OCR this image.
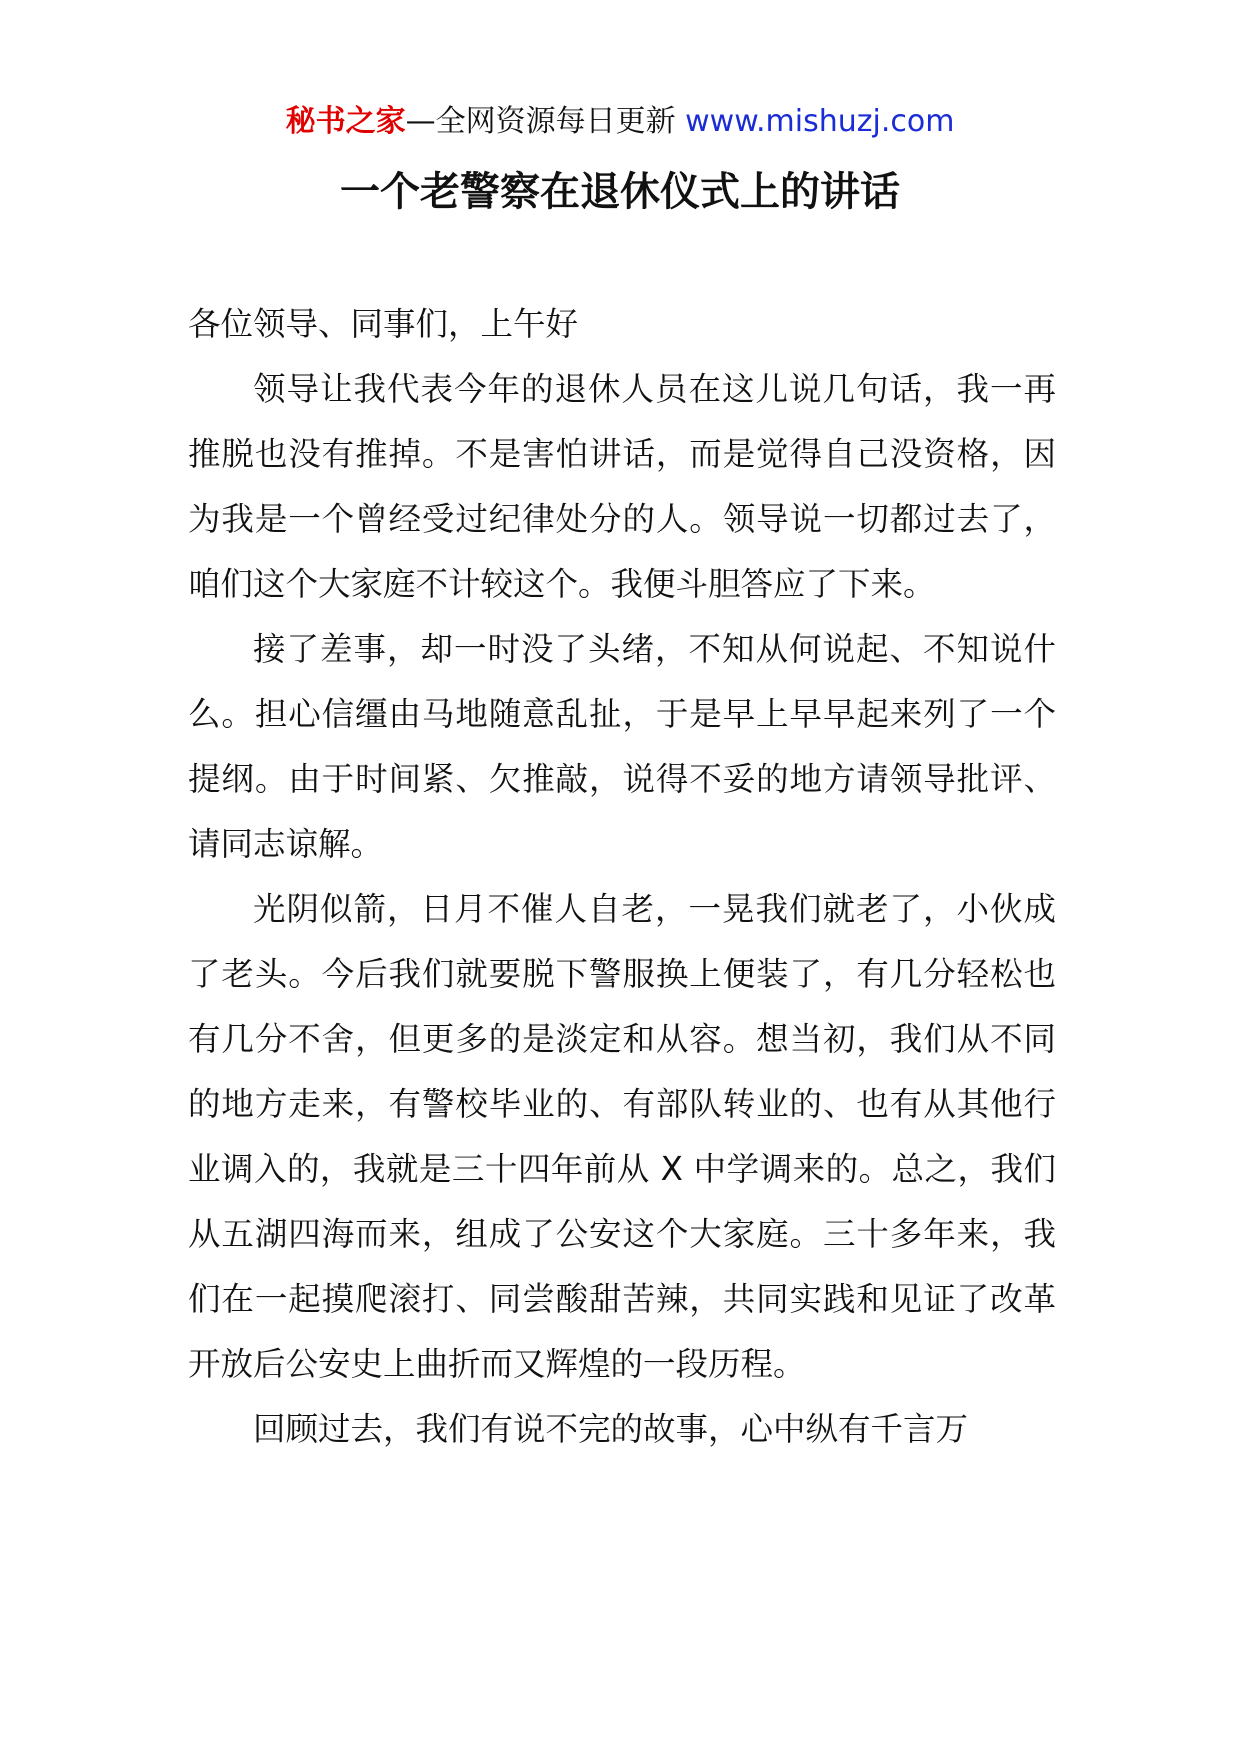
秘书之家—全网资源每日更新 www.mishuzj.com
一个老警察在退休仪式上的讲话

各位领导、同事们，上午好

领导让我代表今年的退休人员在这儿说几句话，我一再推脱也没有推掉。不是害怕讲话，而是觉得自己没资格，因为我是一个曾经受过纪律处分的人。领导说一切都过去了，咱们这个大家庭不计较这个。我便斗胆答应了下来。

接了差事，却一时没了头绪，不知从何说起、不知说什么。担心信缰由马地随意乱扯，于是早上早早起来列了一个提纲。由于时间紧、欠推敲，说得不妥的地方请领导批评、请同志谅解。

光阴似箭，日月不催人自老，一晃我们就老了，小伙成了老头。今后我们就要脱下警服换上便装了，有几分轻松也有几分不舍，但更多的是淡定和从容。想当初，我们从不同的地方走来，有警校毕业的、有部队转业的、也有从其他行业调入的，我就是三十四年前从 X 中学调来的。总之，我们从五湖四海而来，组成了公安这个大家庭。三十多年来，我们在一起摸爬滚打、同尝酸甜苦辣，共同实践和见证了改革开放后公安史上曲折而又辉煌的一段历程。

回顾过去，我们有说不完的故事，心中纵有千言万
